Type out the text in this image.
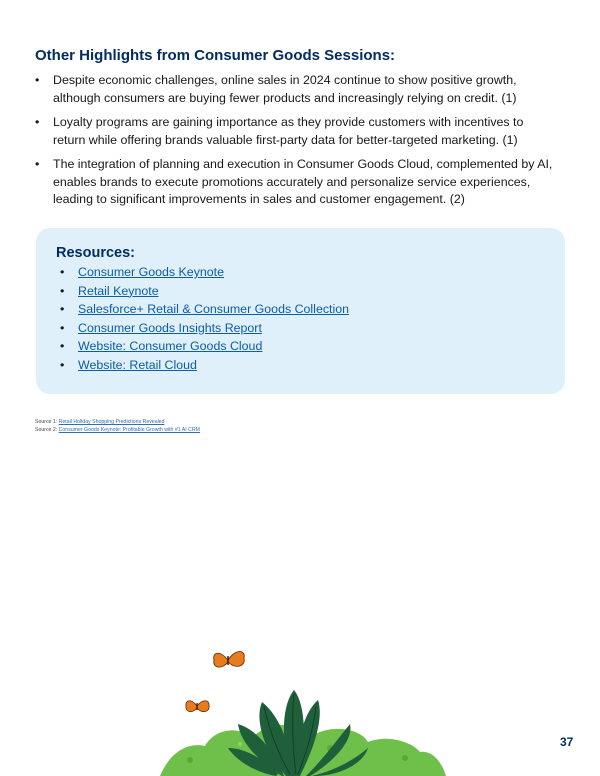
Other Highlights from Consumer Goods Sessions:
• Despite economic challenges, online sales in 2024 continue to show positive growth, although consumers are buying fewer products and increasingly relying on credit. (1)
• Loyalty programs are gaining importance as they provide customers with incentives to return while offering brands valuable first-party data for better-targeted marketing. (1)
• The integration of planning and execution in Consumer Goods Cloud, complemented by AI, enables brands to execute promotions accurately and personalize service experiences, leading to significant improvements in sales and customer engagement. (2)
Resources:
• Consumer Goods Keynote
• Retail Keynote
• Salesforce+ Retail & Consumer Goods Collection
• Consumer Goods Insights Report
• Website: Consumer Goods Cloud
• Website: Retail Cloud
Source 1: Retail Holiday Shopping Predictions Revealed
Source 2: Consumer Goods Keynote: Profitable Growth with #1 AI CRM
37
